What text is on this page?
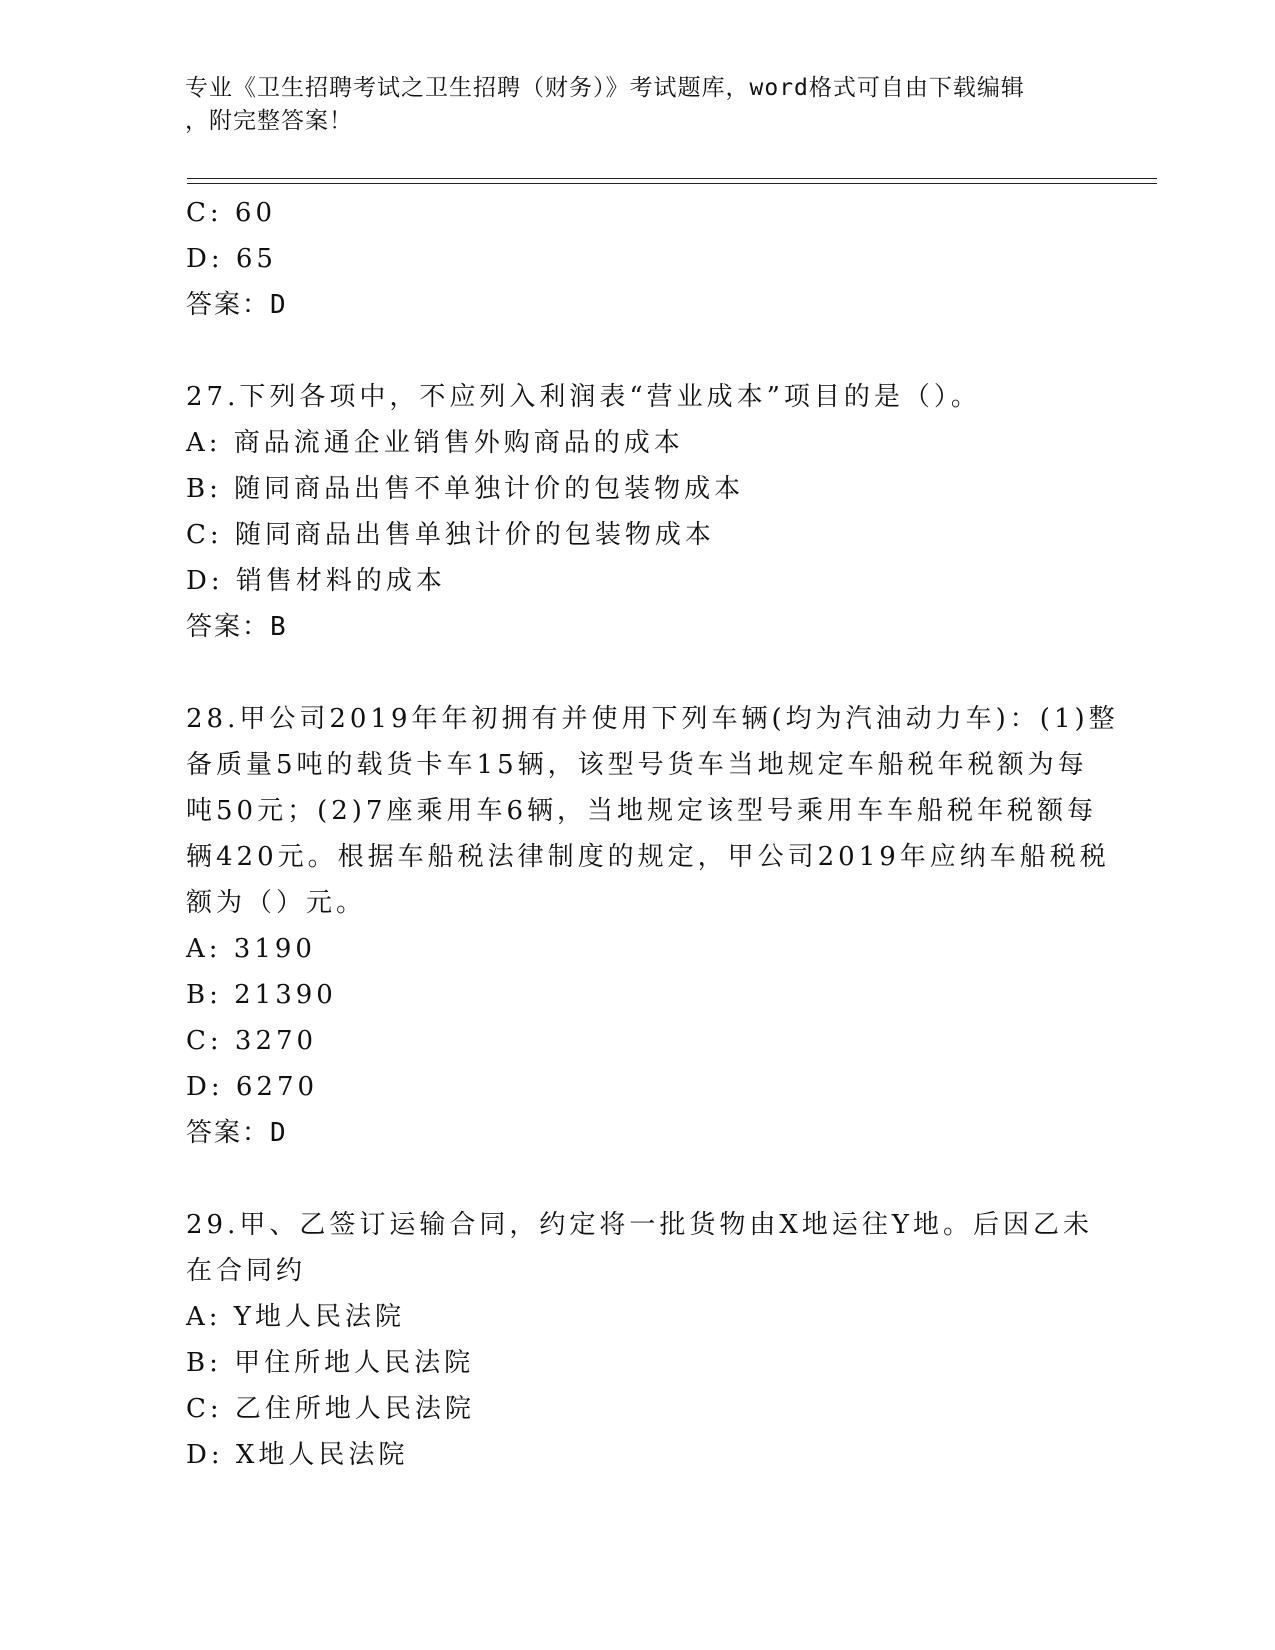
专业《卫生招聘考试之卫生招聘（财务）》考试题库，word格式可自由下载编辑
，附完整答案！
C: 60
D: 65
答案：D
27.下列各项中，不应列入利润表“营业成本”项目的是（）。
A: 商品流通企业销售外购商品的成本
B: 随同商品出售不单独计价的包装物成本
C: 随同商品出售单独计价的包装物成本
D: 销售材料的成本
答案：B
28.甲公司2019年年初拥有并使用下列车辆(均为汽油动力车)：(1)整
备质量5吨的载货卡车15辆，该型号货车当地规定车船税年税额为每
吨50元；(2)7座乘用车6辆，当地规定该型号乘用车车船税年税额每
辆420元。根据车船税法律制度的规定，甲公司2019年应纳车船税税
额为（）元。
A: 3190
B: 21390
C: 3270
D: 6270
答案：D
29.甲、乙签订运输合同，约定将一批货物由X地运往Y地。后因乙未
在合同约
A: Y地人民法院
B: 甲住所地人民法院
C: 乙住所地人民法院
D: X地人民法院
